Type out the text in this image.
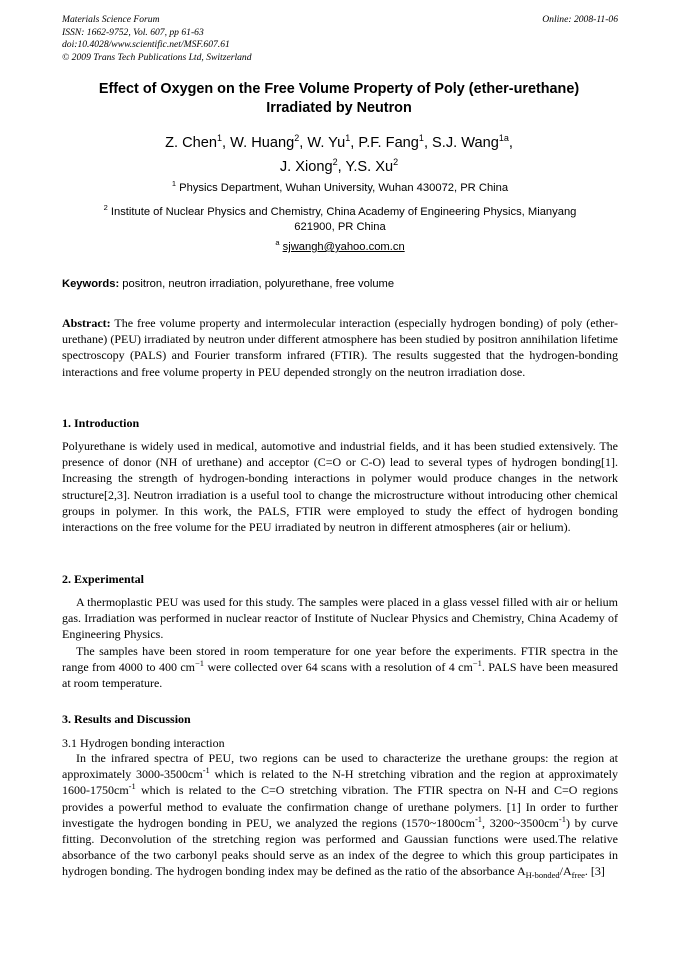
Materials Science Forum
ISSN: 1662-9752, Vol. 607, pp 61-63
doi:10.4028/www.scientific.net/MSF.607.61
© 2009 Trans Tech Publications Ltd, Switzerland
Online: 2008-11-06
Effect of Oxygen on the Free Volume Property of Poly (ether-urethane)
Irradiated by Neutron
Z. Chen$^1$, W. Huang$^2$, W. Yu$^1$, P.F. Fang$^1$, S.J. Wang$^{1a}$,
J. Xiong$^2$, Y.S. Xu$^2$
$^1$ Physics Department, Wuhan University, Wuhan 430072, PR China
$^2$ Institute of Nuclear Physics and Chemistry, China Academy of Engineering Physics, Mianyang
621900, PR China
$^a$ sjwangh@yahoo.com.cn
Keywords: positron, neutron irradiation, polyurethane, free volume

Abstract: The free volume property and intermolecular interaction (especially hydrogen bonding) of poly (ether-urethane) (PEU) irradiated by neutron under different atmosphere has been studied by positron annihilation lifetime spectroscopy (PALS) and Fourier transform infrared (FTIR). The results suggested that the hydrogen-bonding interactions and free volume property in PEU depended strongly on the neutron irradiation dose.

1. Introduction

Polyurethane is widely used in medical, automotive and industrial fields, and it has been studied extensively. The presence of donor (NH of urethane) and acceptor (C=O or C-O) lead to several types of hydrogen bonding[1]. Increasing the strength of hydrogen-bonding interactions in polymer would produce changes in the network structure[2,3]. Neutron irradiation is a useful tool to change the microstructure without introducing other chemical groups in polymer. In this work, the PALS, FTIR were employed to study the effect of hydrogen bonding interactions on the free volume for the PEU irradiated by neutron in different atmospheres (air or helium).

2. Experimental

A thermoplastic PEU was used for this study. The samples were placed in a glass vessel filled with air or helium gas. Irradiation was performed in nuclear reactor of Institute of Nuclear Physics and Chemistry, China Academy of Engineering Physics.

The samples have been stored in room temperature for one year before the experiments. FTIR spectra in the range from 4000 to 400 $cm^{-1}$ were collected over 64 scans with a resolution of 4 $cm^{-1}$. PALS have been measured at room temperature.

3. Results and Discussion
3.1 Hydrogen bonding interaction

In the infrared spectra of PEU, two regions can be used to characterize the urethane groups: the region at approximately $3000-3500cm^{-1}$ which is related to the N-H stretching vibration and the region at approximately $1600-1750cm^{-1}$ which is related to the C=O stretching vibration. The FTIR spectra on N-H and C=O regions provides a powerful method to evaluate the confirmation change of urethane polymers. [1] In order to further investigate the hydrogen bonding in PEU, we analyzed the regions ($1570\sim 1800cm^{-1}$, $3200\sim 3500cm^{-1}$) by curve fitting. Deconvolution of the stretching region was performed and Gaussian functions were used.The relative absorbance of the two carbonyl peaks should serve as an index of the degree to which this group participates in hydrogen bonding. The hydrogen bonding index may be defined as the ratio of the absorbance $A_{H-bonded}/A_{free}$. [3]
